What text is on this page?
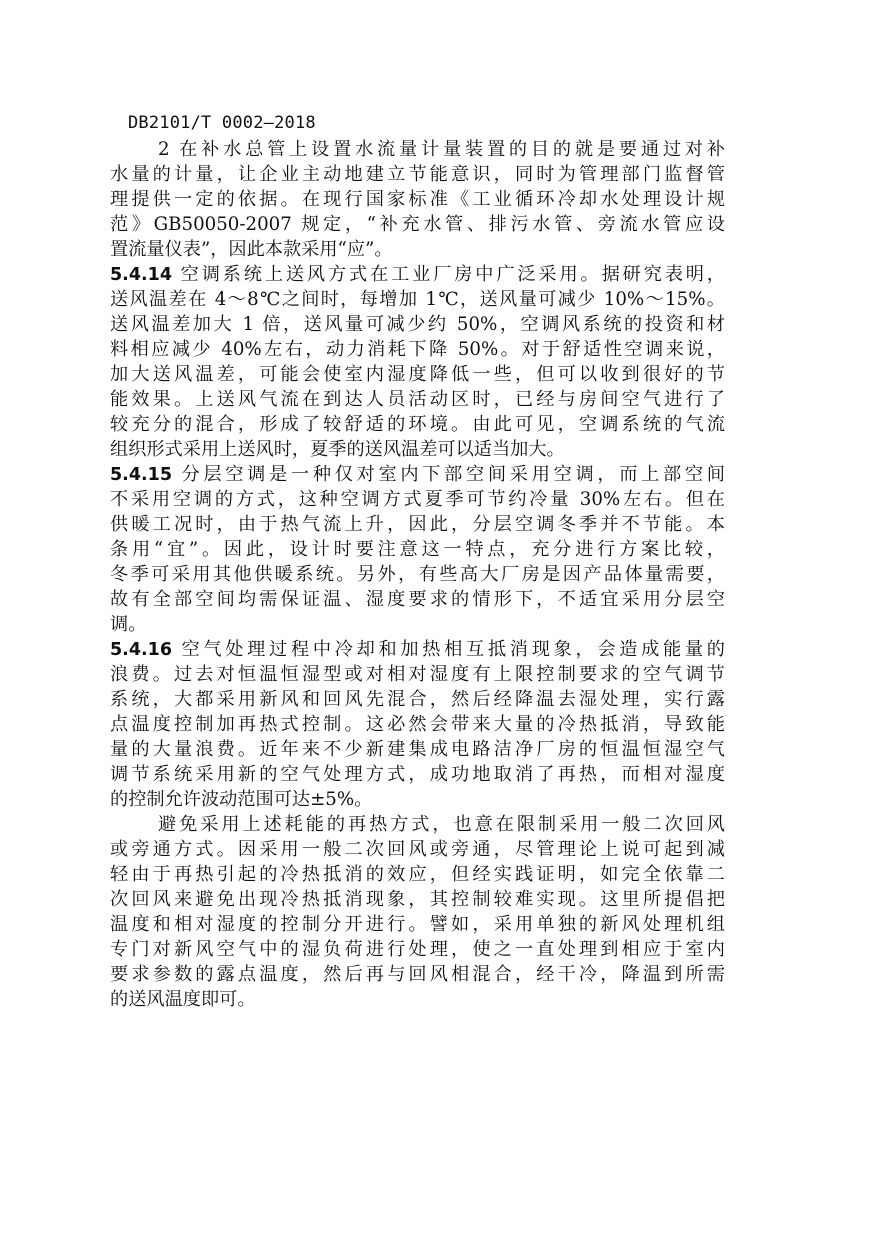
DB2101/T 0002—2018
2 在补水总管上设置水流量计量装置的目的就是要通过对补
水量的计量，让企业主动地建立节能意识，同时为管理部门监督管
理提供一定的依据。在现行国家标准《工业循环冷却水处理设计规
范》GB50050-2007 规定，“补充水管、排污水管、旁流水管应设
置流量仪表”，因此本款采用“应”。
5.4.14 空调系统上送风方式在工业厂房中广泛采用。据研究表明，
送风温差在 4～8℃之间时，每增加 1℃，送风量可减少 10%～15%。
送风温差加大 1 倍，送风量可减少约 50%，空调风系统的投资和材
料相应减少 40%左右，动力消耗下降 50%。对于舒适性空调来说，
加大送风温差，可能会使室内湿度降低一些，但可以收到很好的节
能效果。上送风气流在到达人员活动区时，已经与房间空气进行了
较充分的混合，形成了较舒适的环境。由此可见，空调系统的气流
组织形式采用上送风时，夏季的送风温差可以适当加大。
5.4.15 分层空调是一种仅对室内下部空间采用空调，而上部空间
不采用空调的方式，这种空调方式夏季可节约冷量 30%左右。但在
供暖工况时，由于热气流上升，因此，分层空调冬季并不节能。本
条用“宜”。因此，设计时要注意这一特点，充分进行方案比较，
冬季可采用其他供暖系统。另外，有些高大厂房是因产品体量需要，
故有全部空间均需保证温、湿度要求的情形下，不适宜采用分层空
调。
5.4.16 空气处理过程中冷却和加热相互抵消现象，会造成能量的
浪费。过去对恒温恒湿型或对相对湿度有上限控制要求的空气调节
系统，大都采用新风和回风先混合，然后经降温去湿处理，实行露
点温度控制加再热式控制。这必然会带来大量的冷热抵消，导致能
量的大量浪费。近年来不少新建集成电路洁净厂房的恒温恒湿空气
调节系统采用新的空气处理方式，成功地取消了再热，而相对湿度
的控制允许波动范围可达±5%。
避免采用上述耗能的再热方式，也意在限制采用一般二次回风
或旁通方式。因采用一般二次回风或旁通，尽管理论上说可起到减
轻由于再热引起的冷热抵消的效应，但经实践证明，如完全依靠二
次回风来避免出现冷热抵消现象，其控制较难实现。这里所提倡把
温度和相对湿度的控制分开进行。譬如，采用单独的新风处理机组
专门对新风空气中的湿负荷进行处理，使之一直处理到相应于室内
要求参数的露点温度，然后再与回风相混合，经干冷，降温到所需
的送风温度即可。
